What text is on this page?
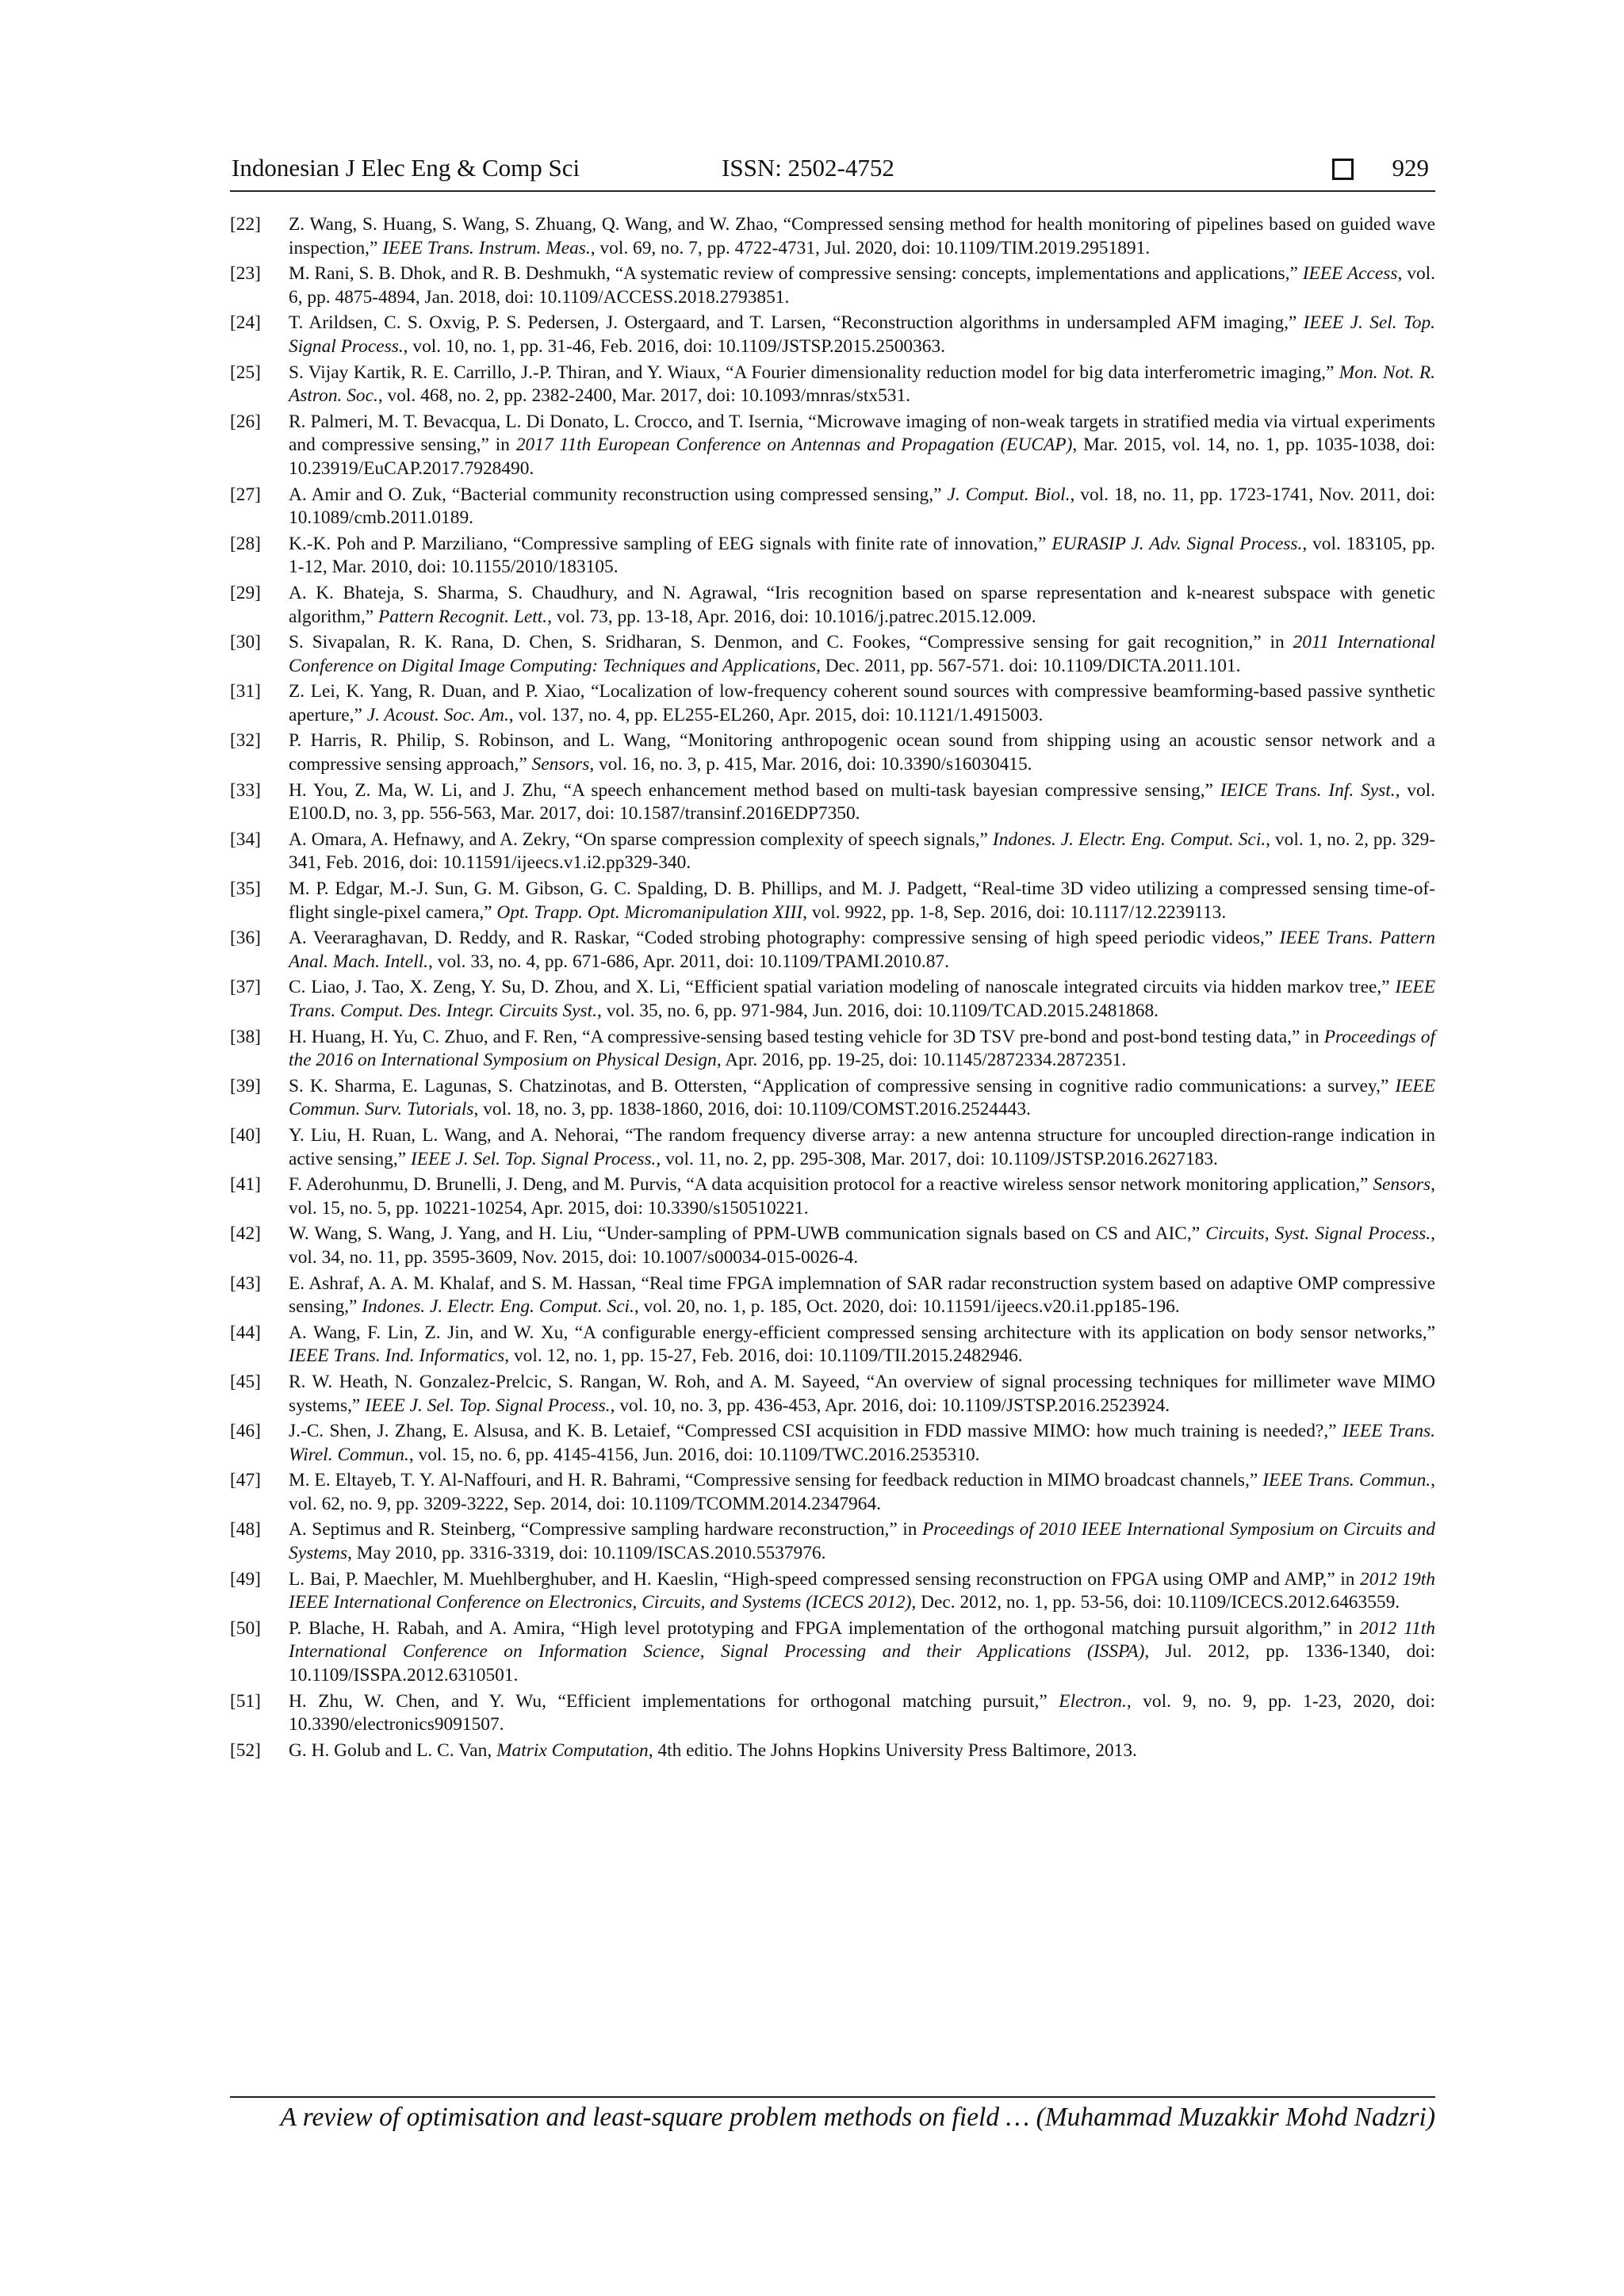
Indonesian J Elec Eng & Comp Sci	ISSN: 2502-4752	929
[22]	Z. Wang, S. Huang, S. Wang, S. Zhuang, Q. Wang, and W. Zhao, “Compressed sensing method for health monitoring of pipelines based on guided wave inspection,” IEEE Trans. Instrum. Meas., vol. 69, no. 7, pp. 4722-4731, Jul. 2020, doi: 10.1109/TIM.2019.2951891.
[23]	M. Rani, S. B. Dhok, and R. B. Deshmukh, “A systematic review of compressive sensing: concepts, implementations and applications,” IEEE Access, vol. 6, pp. 4875-4894, Jan. 2018, doi: 10.1109/ACCESS.2018.2793851.
[24]	T. Arildsen, C. S. Oxvig, P. S. Pedersen, J. Ostergaard, and T. Larsen, “Reconstruction algorithms in undersampled AFM imaging,” IEEE J. Sel. Top. Signal Process., vol. 10, no. 1, pp. 31-46, Feb. 2016, doi: 10.1109/JSTSP.2015.2500363.
[25]	S. Vijay Kartik, R. E. Carrillo, J.-P. Thiran, and Y. Wiaux, “A Fourier dimensionality reduction model for big data interferometric imaging,” Mon. Not. R. Astron. Soc., vol. 468, no. 2, pp. 2382-2400, Mar. 2017, doi: 10.1093/mnras/stx531.
[26]	R. Palmeri, M. T. Bevacqua, L. Di Donato, L. Crocco, and T. Isernia, “Microwave imaging of non-weak targets in stratified media via virtual experiments and compressive sensing,” in 2017 11th European Conference on Antennas and Propagation (EUCAP), Mar. 2015, vol. 14, no. 1, pp. 1035-1038, doi: 10.23919/EuCAP.2017.7928490.
[27]	A. Amir and O. Zuk, “Bacterial community reconstruction using compressed sensing,” J. Comput. Biol., vol. 18, no. 11, pp. 1723-1741, Nov. 2011, doi: 10.1089/cmb.2011.0189.
[28]	K.-K. Poh and P. Marziliano, “Compressive sampling of EEG signals with finite rate of innovation,” EURASIP J. Adv. Signal Process., vol. 183105, pp. 1-12, Mar. 2010, doi: 10.1155/2010/183105.
[29]	A. K. Bhateja, S. Sharma, S. Chaudhury, and N. Agrawal, “Iris recognition based on sparse representation and k-nearest subspace with genetic algorithm,” Pattern Recognit. Lett., vol. 73, pp. 13-18, Apr. 2016, doi: 10.1016/j.patrec.2015.12.009.
[30]	S. Sivapalan, R. K. Rana, D. Chen, S. Sridharan, S. Denmon, and C. Fookes, “Compressive sensing for gait recognition,” in 2011 International Conference on Digital Image Computing: Techniques and Applications, Dec. 2011, pp. 567-571. doi: 10.1109/DICTA.2011.101.
[31]	Z. Lei, K. Yang, R. Duan, and P. Xiao, “Localization of low-frequency coherent sound sources with compressive beamforming-based passive synthetic aperture,” J. Acoust. Soc. Am., vol. 137, no. 4, pp. EL255-EL260, Apr. 2015, doi: 10.1121/1.4915003.
[32]	P. Harris, R. Philip, S. Robinson, and L. Wang, “Monitoring anthropogenic ocean sound from shipping using an acoustic sensor network and a compressive sensing approach,” Sensors, vol. 16, no. 3, p. 415, Mar. 2016, doi: 10.3390/s16030415.
[33]	H. You, Z. Ma, W. Li, and J. Zhu, “A speech enhancement method based on multi-task bayesian compressive sensing,” IEICE Trans. Inf. Syst., vol. E100.D, no. 3, pp. 556-563, Mar. 2017, doi: 10.1587/transinf.2016EDP7350.
[34]	A. Omara, A. Hefnawy, and A. Zekry, “On sparse compression complexity of speech signals,” Indones. J. Electr. Eng. Comput. Sci., vol. 1, no. 2, pp. 329-341, Feb. 2016, doi: 10.11591/ijeecs.v1.i2.pp329-340.
[35]	M. P. Edgar, M.-J. Sun, G. M. Gibson, G. C. Spalding, D. B. Phillips, and M. J. Padgett, “Real-time 3D video utilizing a compressed sensing time-of-flight single-pixel camera,” Opt. Trapp. Opt. Micromanipulation XIII, vol. 9922, pp. 1-8, Sep. 2016, doi: 10.1117/12.2239113.
[36]	A. Veeraraghavan, D. Reddy, and R. Raskar, “Coded strobing photography: compressive sensing of high speed periodic videos,” IEEE Trans. Pattern Anal. Mach. Intell., vol. 33, no. 4, pp. 671-686, Apr. 2011, doi: 10.1109/TPAMI.2010.87.
[37]	C. Liao, J. Tao, X. Zeng, Y. Su, D. Zhou, and X. Li, “Efficient spatial variation modeling of nanoscale integrated circuits via hidden markov tree,” IEEE Trans. Comput. Des. Integr. Circuits Syst., vol. 35, no. 6, pp. 971-984, Jun. 2016, doi: 10.1109/TCAD.2015.2481868.
[38]	H. Huang, H. Yu, C. Zhuo, and F. Ren, “A compressive-sensing based testing vehicle for 3D TSV pre-bond and post-bond testing data,” in Proceedings of the 2016 on International Symposium on Physical Design, Apr. 2016, pp. 19-25, doi: 10.1145/2872334.2872351.
[39]	S. K. Sharma, E. Lagunas, S. Chatzinotas, and B. Ottersten, “Application of compressive sensing in cognitive radio communications: a survey,” IEEE Commun. Surv. Tutorials, vol. 18, no. 3, pp. 1838-1860, 2016, doi: 10.1109/COMST.2016.2524443.
[40]	Y. Liu, H. Ruan, L. Wang, and A. Nehorai, “The random frequency diverse array: a new antenna structure for uncoupled direction-range indication in active sensing,” IEEE J. Sel. Top. Signal Process., vol. 11, no. 2, pp. 295-308, Mar. 2017, doi: 10.1109/JSTSP.2016.2627183.
[41]	F. Aderohunmu, D. Brunelli, J. Deng, and M. Purvis, “A data acquisition protocol for a reactive wireless sensor network monitoring application,” Sensors, vol. 15, no. 5, pp. 10221-10254, Apr. 2015, doi: 10.3390/s150510221.
[42]	W. Wang, S. Wang, J. Yang, and H. Liu, “Under-sampling of PPM-UWB communication signals based on CS and AIC,” Circuits, Syst. Signal Process., vol. 34, no. 11, pp. 3595-3609, Nov. 2015, doi: 10.1007/s00034-015-0026-4.
[43]	E. Ashraf, A. A. M. Khalaf, and S. M. Hassan, “Real time FPGA implemnation of SAR radar reconstruction system based on adaptive OMP compressive sensing,” Indones. J. Electr. Eng. Comput. Sci., vol. 20, no. 1, p. 185, Oct. 2020, doi: 10.11591/ijeecs.v20.i1.pp185-196.
[44]	A. Wang, F. Lin, Z. Jin, and W. Xu, “A configurable energy-efficient compressed sensing architecture with its application on body sensor networks,” IEEE Trans. Ind. Informatics, vol. 12, no. 1, pp. 15-27, Feb. 2016, doi: 10.1109/TII.2015.2482946.
[45]	R. W. Heath, N. Gonzalez-Prelcic, S. Rangan, W. Roh, and A. M. Sayeed, “An overview of signal processing techniques for millimeter wave MIMO systems,” IEEE J. Sel. Top. Signal Process., vol. 10, no. 3, pp. 436-453, Apr. 2016, doi: 10.1109/JSTSP.2016.2523924.
[46]	J.-C. Shen, J. Zhang, E. Alsusa, and K. B. Letaief, “Compressed CSI acquisition in FDD massive MIMO: how much training is needed?,” IEEE Trans. Wirel. Commun., vol. 15, no. 6, pp. 4145-4156, Jun. 2016, doi: 10.1109/TWC.2016.2535310.
[47]	M. E. Eltayeb, T. Y. Al-Naffouri, and H. R. Bahrami, “Compressive sensing for feedback reduction in MIMO broadcast channels,” IEEE Trans. Commun., vol. 62, no. 9, pp. 3209-3222, Sep. 2014, doi: 10.1109/TCOMM.2014.2347964.
[48]	A. Septimus and R. Steinberg, “Compressive sampling hardware reconstruction,” in Proceedings of 2010 IEEE International Symposium on Circuits and Systems, May 2010, pp. 3316-3319, doi: 10.1109/ISCAS.2010.5537976.
[49]	L. Bai, P. Maechler, M. Muehlberghuber, and H. Kaeslin, “High-speed compressed sensing reconstruction on FPGA using OMP and AMP,” in 2012 19th IEEE International Conference on Electronics, Circuits, and Systems (ICECS 2012), Dec. 2012, no. 1, pp. 53-56, doi: 10.1109/ICECS.2012.6463559.
[50]	P. Blache, H. Rabah, and A. Amira, “High level prototyping and FPGA implementation of the orthogonal matching pursuit algorithm,” in 2012 11th International Conference on Information Science, Signal Processing and their Applications (ISSPA), Jul. 2012, pp. 1336-1340, doi: 10.1109/ISSPA.2012.6310501.
[51]	H. Zhu, W. Chen, and Y. Wu, “Efficient implementations for orthogonal matching pursuit,” Electron., vol. 9, no. 9, pp. 1-23, 2020, doi: 10.3390/electronics9091507.
[52]	G. H. Golub and L. C. Van, Matrix Computation, 4th editio. The Johns Hopkins University Press Baltimore, 2013.
A review of optimisation and least-square problem methods on field … (Muhammad Muzakkir Mohd Nadzri)
